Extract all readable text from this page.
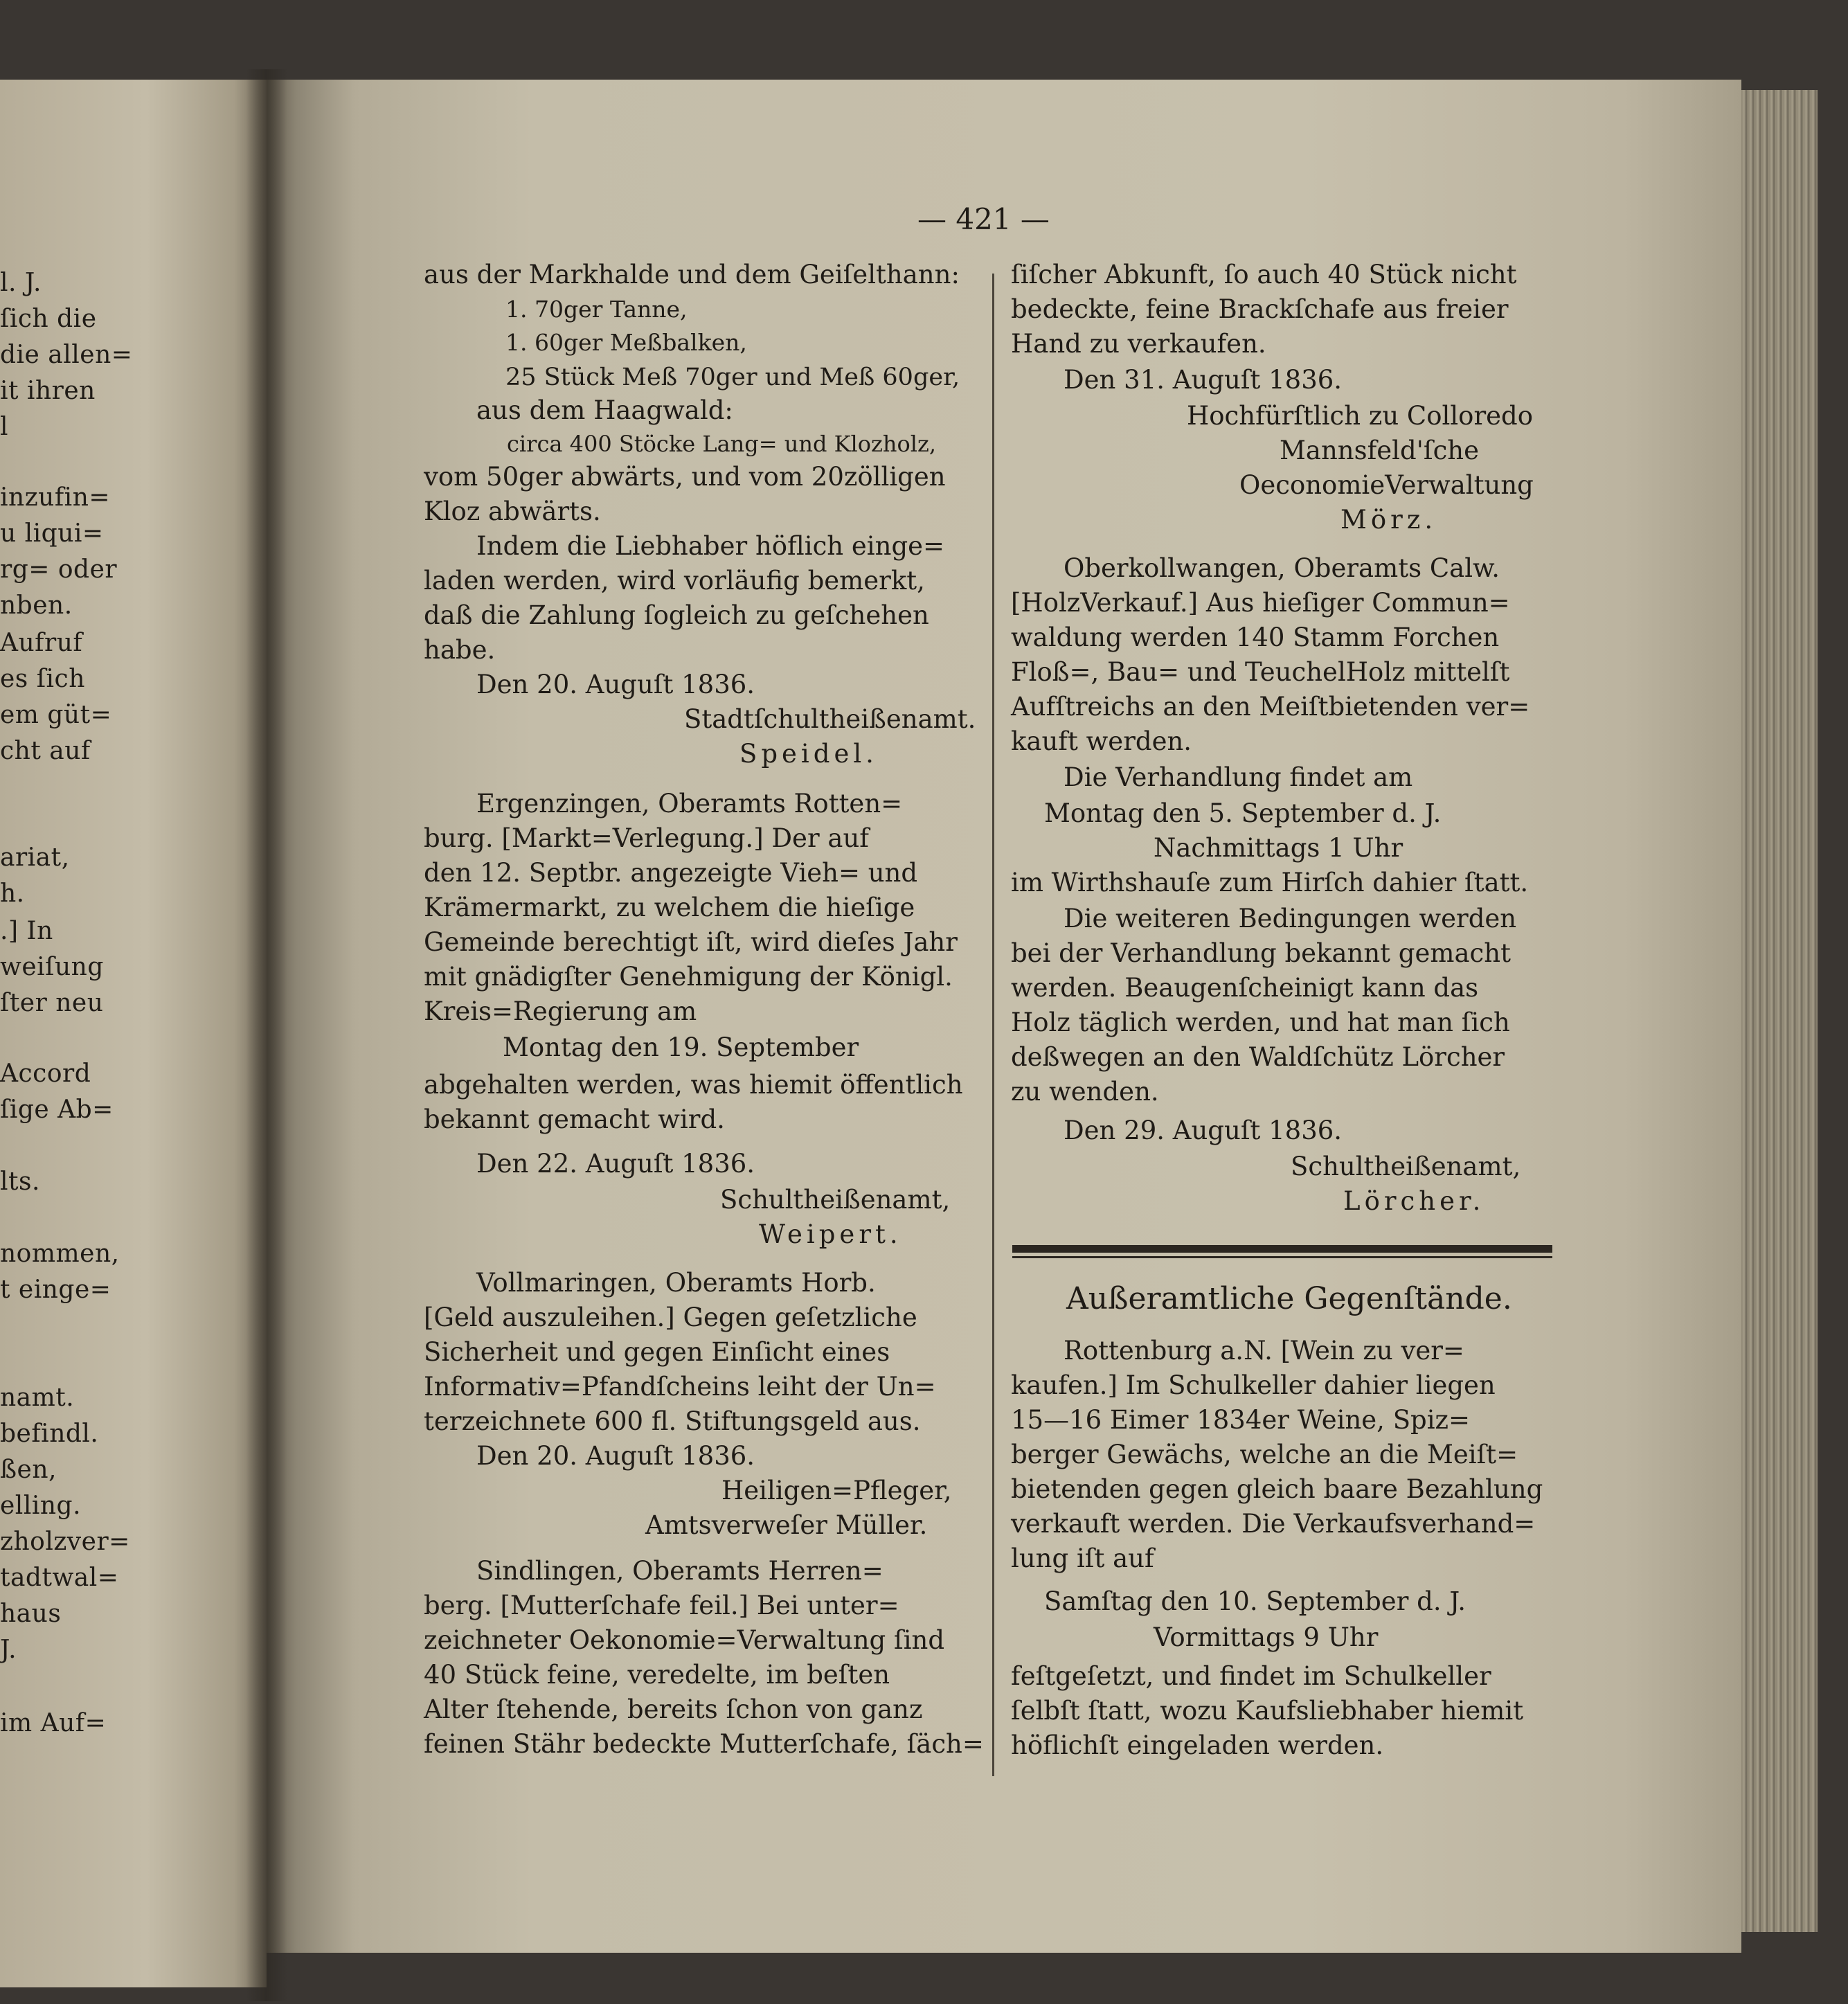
l. J.
ſich die
die allen=
it ihren
l
inzufin=
u liqui=
rg= oder
nben.
Aufruf
es ſich
em güt=
cht auf
ariat,
h.
.] In
weiſung
ſter neu
Accord
ſige Ab=
lts.
nommen,
t einge=
namt.
befindl.
ßen,
elling.
zholzver=
tadtwal=
haus
J.
im Auf=
— 421 —
aus der Markhalde und dem Geiſelthann:
1. 70ger Tanne,
1. 60ger Meßbalken,
25 Stück Meß 70ger und Meß 60ger,
aus dem Haagwald:
circa 400 Stöcke Lang= und Klozholz,
vom 50ger abwärts, und vom 20zölligen
Kloz abwärts.
Indem die Liebhaber höflich einge=
laden werden, wird vorläufig bemerkt,
daß die Zahlung ſogleich zu geſchehen
habe.
Den 20. Auguſt 1836.
Stadtſchultheißenamt.
Speidel.
Ergenzingen, Oberamts Rotten=
burg. [Markt=Verlegung.] Der auf
den 12. Septbr. angezeigte Vieh= und
Krämermarkt, zu welchem die hieſige
Gemeinde berechtigt iſt, wird dieſes Jahr
mit gnädigſter Genehmigung der Königl.
Kreis=Regierung am
Montag den 19. September
abgehalten werden, was hiemit öffentlich
bekannt gemacht wird.
Den 22. Auguſt 1836.
Schultheißenamt,
Weipert.
Vollmaringen, Oberamts Horb.
[Geld auszuleihen.] Gegen geſetzliche
Sicherheit und gegen Einſicht eines
Informativ=Pfandſcheins leiht der Un=
terzeichnete 600 fl. Stiftungsgeld aus.
Den 20. Auguſt 1836.
Heiligen=Pfleger,
Amtsverweſer Müller.
Sindlingen, Oberamts Herren=
berg. [Mutterſchafe feil.] Bei unter=
zeichneter Oekonomie=Verwaltung ſind
40 Stück feine, veredelte, im beſten
Alter ſtehende, bereits ſchon von ganz
feinen Stähr bedeckte Mutterſchafe, ſäch=
ſiſcher Abkunft, ſo auch 40 Stück nicht
bedeckte, feine Brackſchafe aus freier
Hand zu verkaufen.
Den 31. Auguſt 1836.
Hochfürſtlich zu Colloredo
Mannsfeld'ſche
OeconomieVerwaltung
Mörz.
Oberkollwangen, Oberamts Calw.
[HolzVerkauf.] Aus hieſiger Commun=
waldung werden 140 Stamm Forchen
Floß=, Bau= und TeuchelHolz mittelſt
Aufſtreichs an den Meiſtbietenden ver=
kauft werden.
Die Verhandlung findet am
Montag den 5. September d. J.
Nachmittags 1 Uhr
im Wirthshauſe zum Hirſch dahier ſtatt.
Die weiteren Bedingungen werden
bei der Verhandlung bekannt gemacht
werden. Beaugenſcheinigt kann das
Holz täglich werden, und hat man ſich
deßwegen an den Waldſchütz Lörcher
zu wenden.
Den 29. Auguſt 1836.
Schultheißenamt,
Lörcher.
Außeramtliche Gegenſtände.
Rottenburg a.N. [Wein zu ver=
kaufen.] Im Schulkeller dahier liegen
15—16 Eimer 1834er Weine, Spiz=
berger Gewächs, welche an die Meiſt=
bietenden gegen gleich baare Bezahlung
verkauft werden. Die Verkaufsverhand=
lung iſt auf
Samſtag den 10. September d. J.
Vormittags 9 Uhr
feſtgeſetzt, und findet im Schulkeller
ſelbſt ſtatt, wozu Kaufsliebhaber hiemit
höflichſt eingeladen werden.
